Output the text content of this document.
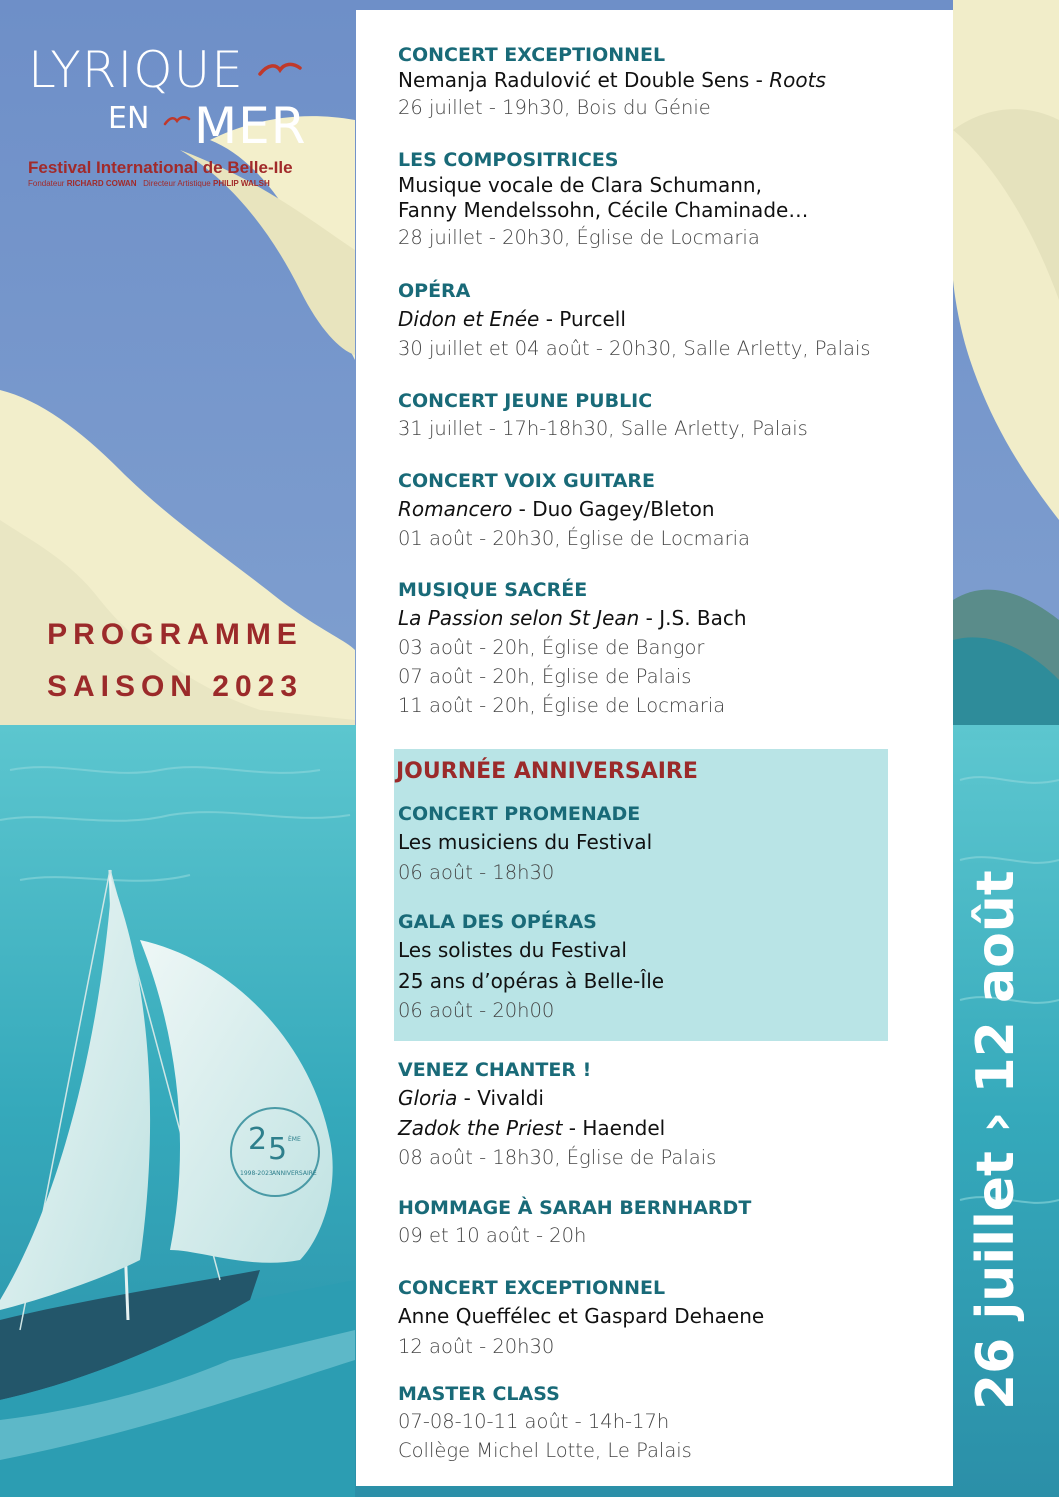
LYRIQUE
EN MER
Festival International de Belle-Ile
Fondateur RICHARD COWAN Directeur Artistique PHILIP WALSH
PROGRAMME
SAISON 2023
2 5 ÈME
1998-2023 ANNIVERSAIRE
CONCERT EXCEPTIONNEL
Nemanja Radulović et Double Sens - Roots
26 juillet - 19h30, Bois du Génie
LES COMPOSITRICES
Musique vocale de Clara Schumann,
Fanny Mendelssohn, Cécile Chaminade…
28 juillet - 20h30, Église de Locmaria
OPÉRA
Didon et Enée - Purcell
30 juillet et 04 août - 20h30, Salle Arletty, Palais
CONCERT JEUNE PUBLIC
31 juillet - 17h-18h30, Salle Arletty, Palais
CONCERT VOIX GUITARE
Romancero - Duo Gagey/Bleton
01 août - 20h30, Église de Locmaria
MUSIQUE SACRÉE
La Passion selon St Jean - J.S. Bach
03 août - 20h, Église de Bangor
07 août - 20h, Église de Palais
11 août - 20h, Église de Locmaria
JOURNÉE ANNIVERSAIRE
CONCERT PROMENADE
Les musiciens du Festival
06 août - 18h30
GALA DES OPÉRAS
Les solistes du Festival
25 ans d’opéras à Belle-Île
06 août - 20h00
VENEZ CHANTER !
Gloria - Vivaldi
Zadok the Priest - Haendel
08 août - 18h30, Église de Palais
HOMMAGE À SARAH BERNHARDT
09 et 10 août - 20h
CONCERT EXCEPTIONNEL
Anne Queffélec et Gaspard Dehaene
12 août - 20h30
MASTER CLASS
07-08-10-11 août - 14h-17h
Collège Michel Lotte, Le Palais
26 juillet › 12 août
